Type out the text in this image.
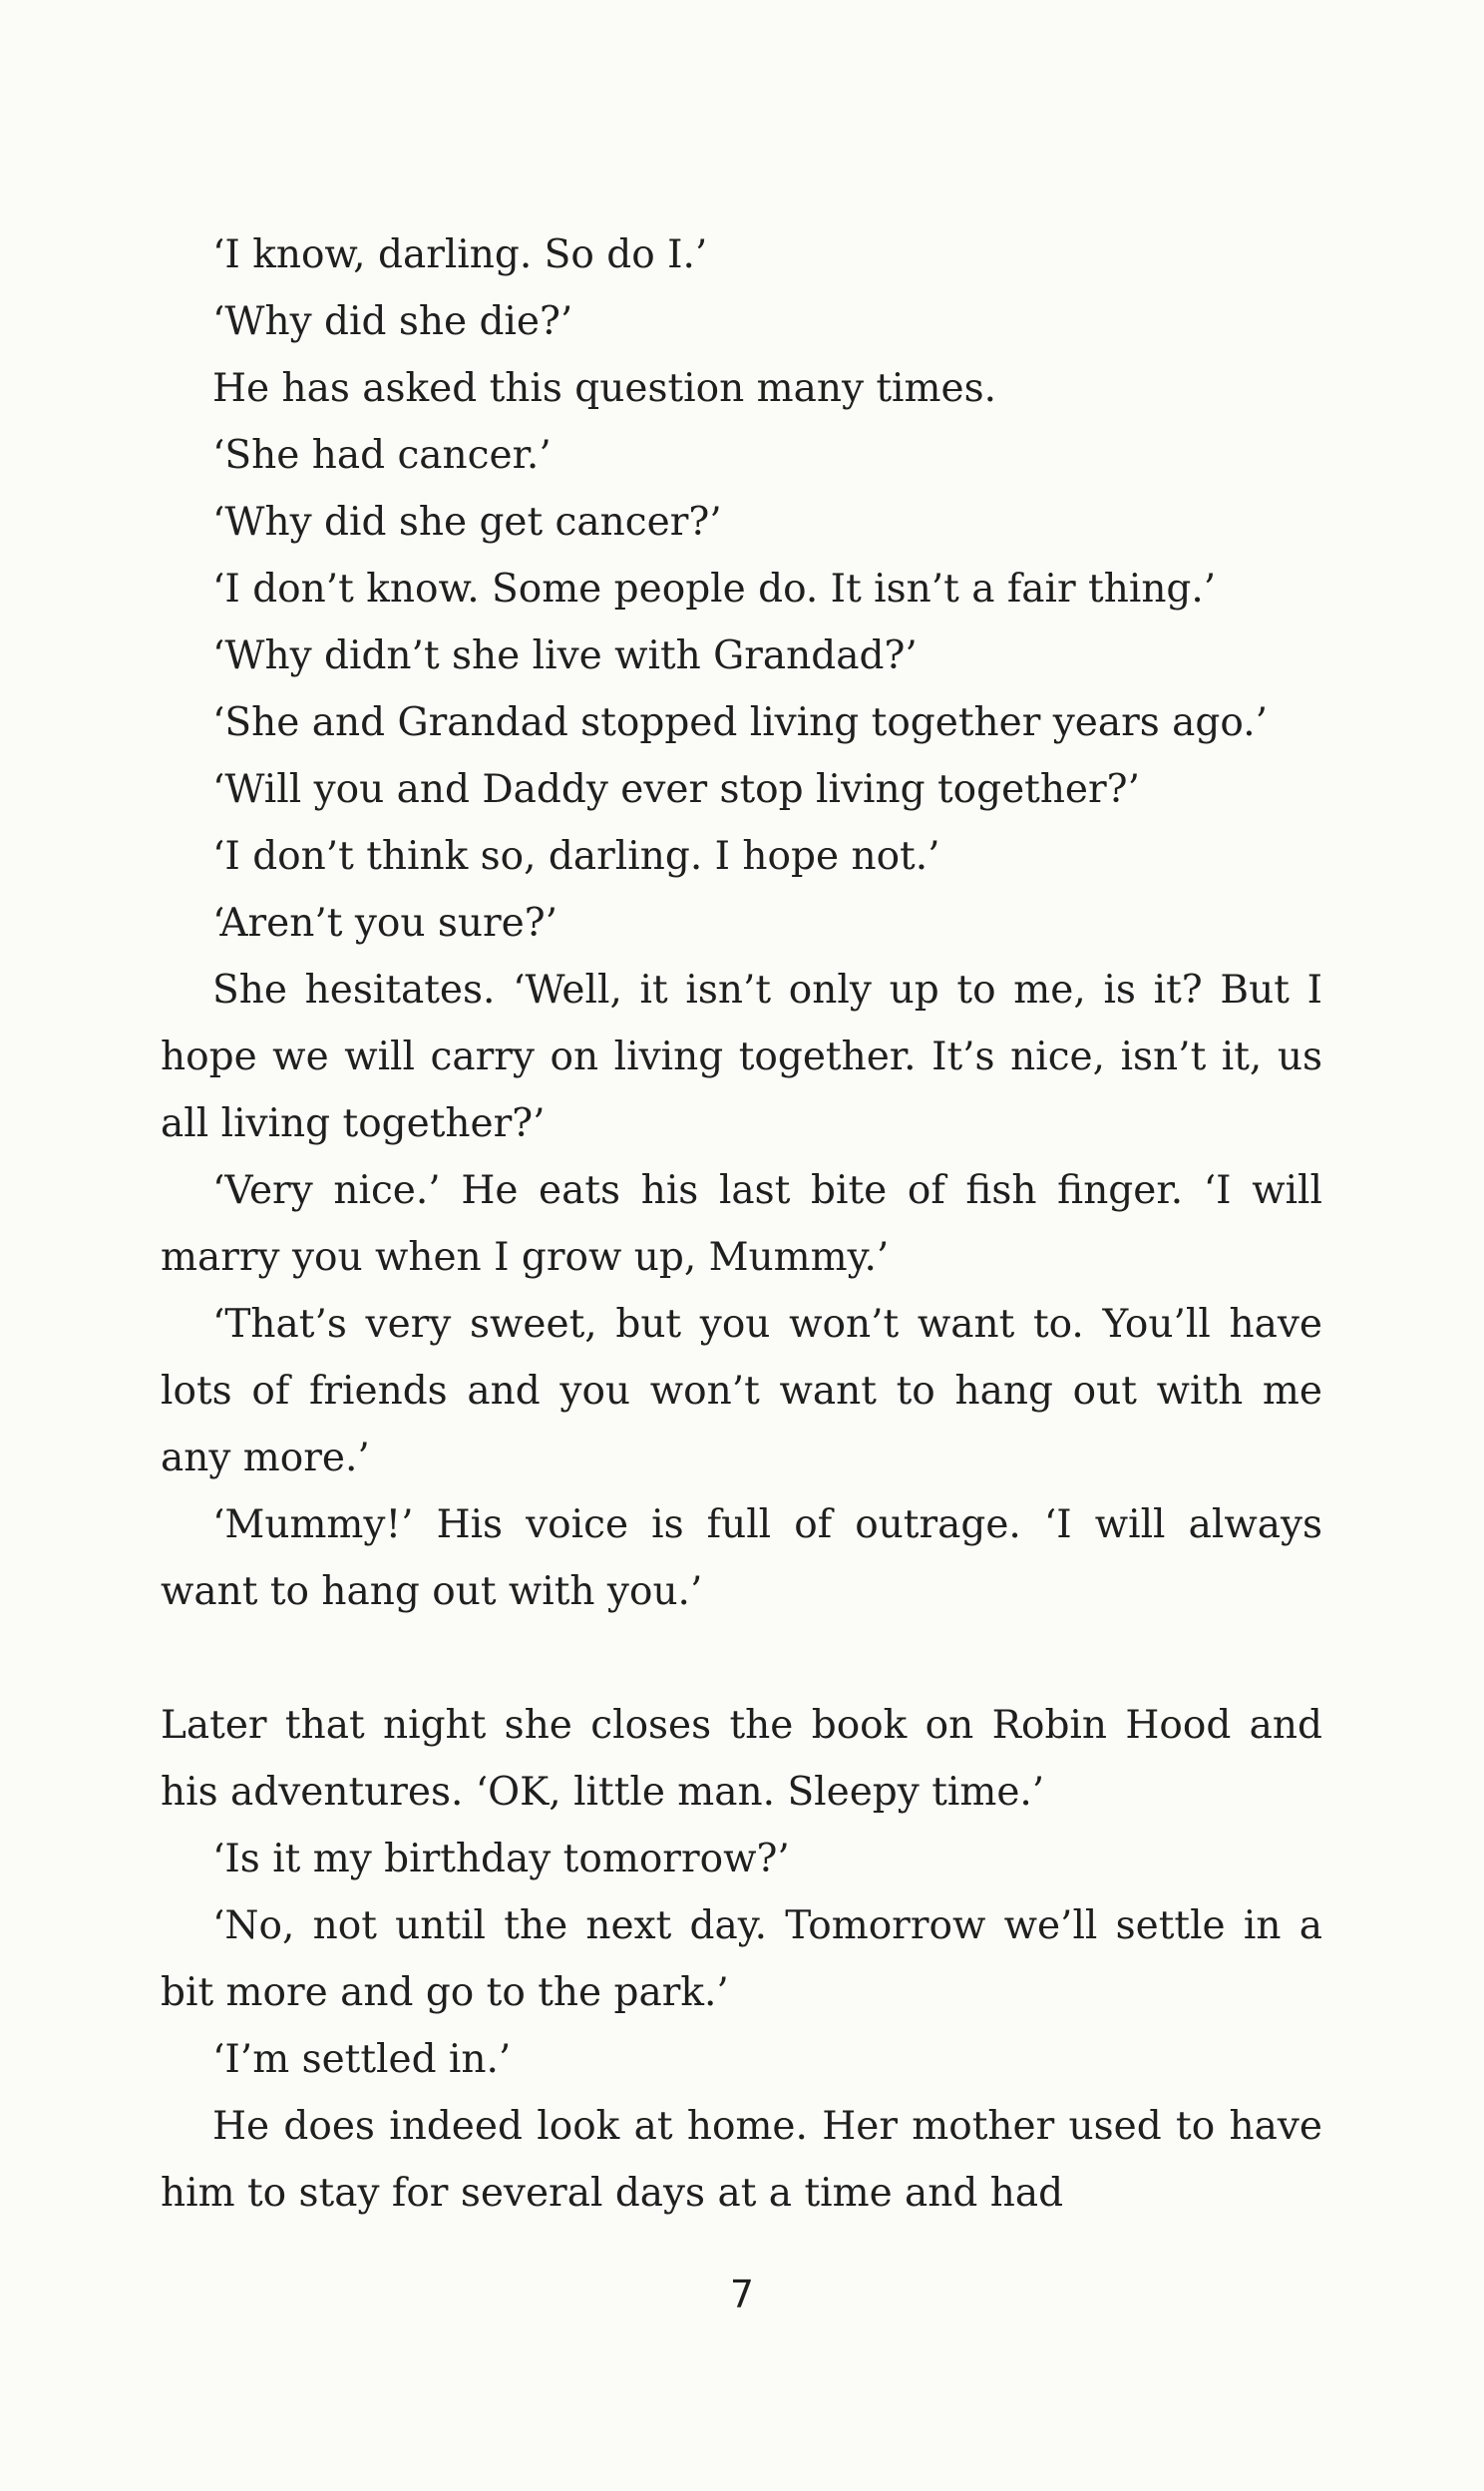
‘I know, darling. So do I.’

‘Why did she die?’

He has asked this question many times.

‘She had cancer.’

‘Why did she get cancer?’

‘I don’t know. Some people do. It isn’t a fair thing.’

‘Why didn’t she live with Grandad?’

‘She and Grandad stopped living together years ago.’

‘Will you and Daddy ever stop living together?’

‘I don’t think so, darling. I hope not.’

‘Aren’t you sure?’

She hesitates. ‘Well, it isn’t only up to me, is it? But I hope we will carry on living together. It’s nice, isn’t it, us all living together?’

‘Very nice.’ He eats his last bite of fish finger. ‘I will marry you when I grow up, Mummy.’

‘That’s very sweet, but you won’t want to. You’ll have lots of friends and you won’t want to hang out with me any more.’

‘Mummy!’ His voice is full of outrage. ‘I will always want to hang out with you.’

Later that night she closes the book on Robin Hood and his adventures. ‘OK, little man. Sleepy time.’

‘Is it my birthday tomorrow?’

‘No, not until the next day. Tomorrow we’ll settle in a bit more and go to the park.’

‘I’m settled in.’

He does indeed look at home. Her mother used to have him to stay for several days at a time and had

7
